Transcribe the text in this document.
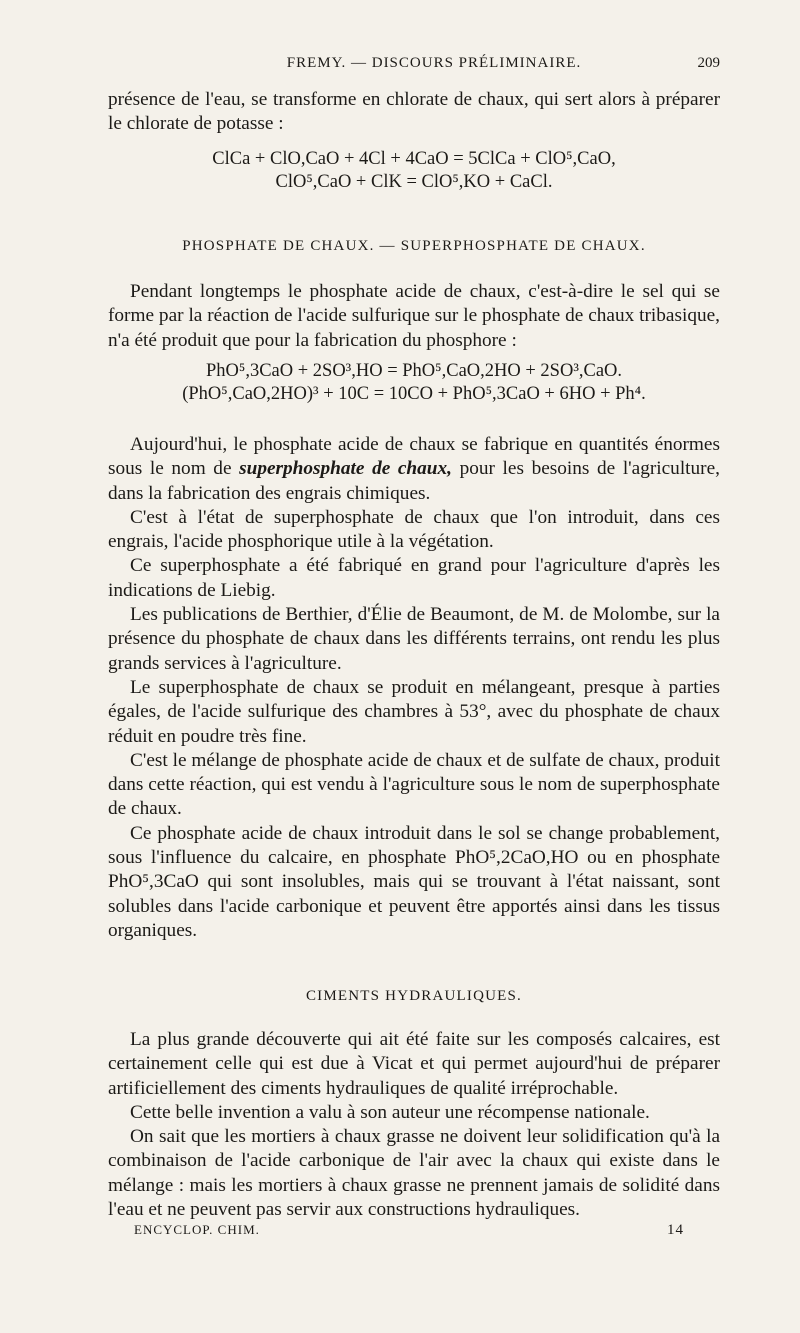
FREMY. — DISCOURS PRÉLIMINAIRE.	209

présence de l'eau, se transforme en chlorate de chaux, qui sert alors à préparer le chlorate de potasse :

ClCa + ClO,CaO + 4Cl + 4CaO = 5ClCa + ClO⁵,CaO,
ClO⁵,CaO + ClK = ClO⁵,KO + CaCl.
PHOSPHATE DE CHAUX. — SUPERPHOSPHATE DE CHAUX.

Pendant longtemps le phosphate acide de chaux, c'est-à-dire le sel qui se forme par la réaction de l'acide sulfurique sur le phosphate de chaux tribasique, n'a été produit que pour la fabrication du phosphore :

PhO⁵,3CaO + 2SO³,HO = PhO⁵,CaO,2HO + 2SO³,CaO.
(PhO⁵,CaO,2HO)³ + 10C = 10CO + PhO⁵,3CaO + 6HO + Ph⁴.

Aujourd'hui, le phosphate acide de chaux se fabrique en quantités énormes sous le nom de superphosphate de chaux, pour les besoins de l'agriculture, dans la fabrication des engrais chimiques.

C'est à l'état de superphosphate de chaux que l'on introduit, dans ces engrais, l'acide phosphorique utile à la végétation.

Ce superphosphate a été fabriqué en grand pour l'agriculture d'après les indications de Liebig.

Les publications de Berthier, d'Élie de Beaumont, de M. de Molombe, sur la présence du phosphate de chaux dans les différents terrains, ont rendu les plus grands services à l'agriculture.

Le superphosphate de chaux se produit en mélangeant, presque à parties égales, de l'acide sulfurique des chambres à 53°, avec du phosphate de chaux réduit en poudre très fine.

C'est le mélange de phosphate acide de chaux et de sulfate de chaux, produit dans cette réaction, qui est vendu à l'agriculture sous le nom de superphosphate de chaux.

Ce phosphate acide de chaux introduit dans le sol se change probablement, sous l'influence du calcaire, en phosphate PhO⁵,2CaO,HO ou en phosphate PhO⁵,3CaO qui sont insolubles, mais qui se trouvant à l'état naissant, sont solubles dans l'acide carbonique et peuvent être apportés ainsi dans les tissus organiques.

CIMENTS HYDRAULIQUES.

La plus grande découverte qui ait été faite sur les composés calcaires, est certainement celle qui est due à Vicat et qui permet aujourd'hui de préparer artificiellement des ciments hydrauliques de qualité irréprochable.

Cette belle invention a valu à son auteur une récompense nationale.

On sait que les mortiers à chaux grasse ne doivent leur solidification qu'à la combinaison de l'acide carbonique de l'air avec la chaux qui existe dans le mélange : mais les mortiers à chaux grasse ne prennent jamais de solidité dans l'eau et ne peuvent pas servir aux constructions hydrauliques.

ENCYCLOP. CHIM.	14
